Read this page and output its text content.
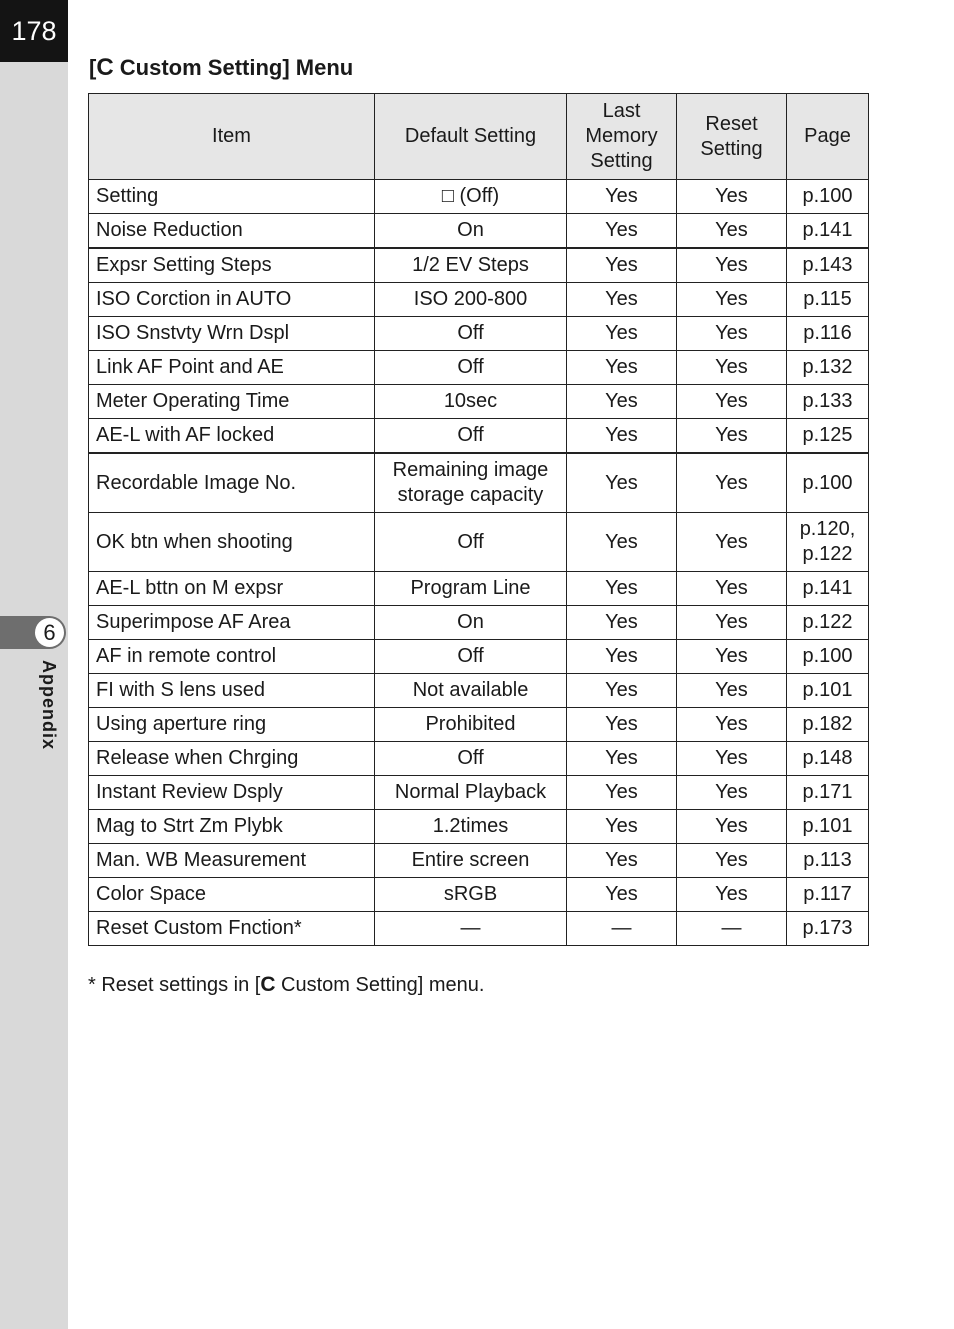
178
6
Appendix
[C Custom Setting] Menu
Item	Default Setting	Last Memory Setting	Reset Setting	Page
Setting	□ (Off)	Yes	Yes	p.100
Noise Reduction	On	Yes	Yes	p.141
Expsr Setting Steps	1/2 EV Steps	Yes	Yes	p.143
ISO Corction in AUTO	ISO 200-800	Yes	Yes	p.115
ISO Snstvty Wrn Dspl	Off	Yes	Yes	p.116
Link AF Point and AE	Off	Yes	Yes	p.132
Meter Operating Time	10sec	Yes	Yes	p.133
AE-L with AF locked	Off	Yes	Yes	p.125
Recordable Image No.	Remaining image storage capacity	Yes	Yes	p.100
OK btn when shooting	Off	Yes	Yes	p.120, p.122
AE-L bttn on M expsr	Program Line	Yes	Yes	p.141
Superimpose AF Area	On	Yes	Yes	p.122
AF in remote control	Off	Yes	Yes	p.100
FI with S lens used	Not available	Yes	Yes	p.101
Using aperture ring	Prohibited	Yes	Yes	p.182
Release when Chrging	Off	Yes	Yes	p.148
Instant Review Dsply	Normal Playback	Yes	Yes	p.171
Mag to Strt Zm Plybk	1.2times	Yes	Yes	p.101
Man. WB Measurement	Entire screen	Yes	Yes	p.113
Color Space	sRGB	Yes	Yes	p.117
Reset Custom Fnction*	—	—	—	p.173
* Reset settings in [C Custom Setting] menu.
